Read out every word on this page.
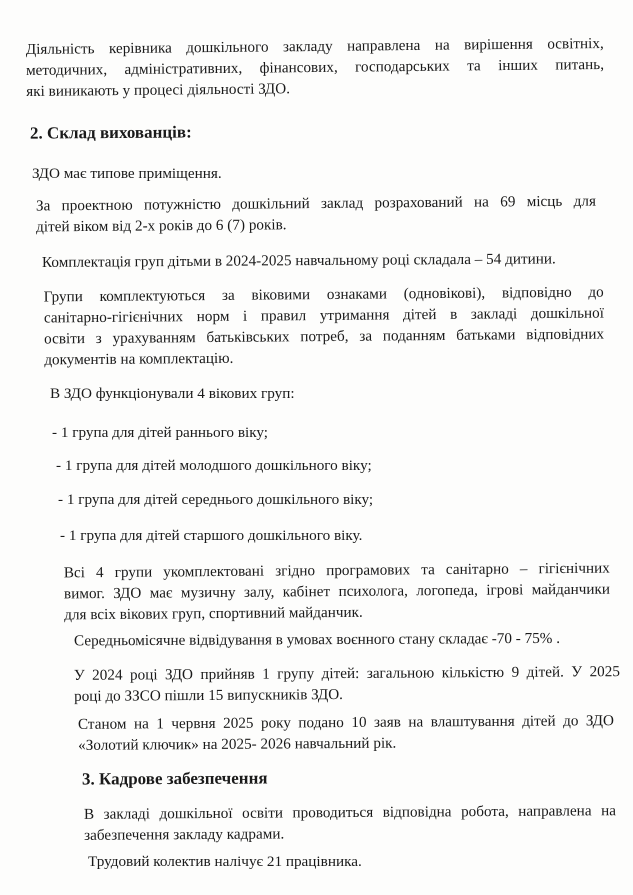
Діяльність керівника дошкільного закладу направлена на вирішення освітніх,
методичних, адміністративних, фінансових, господарських та інших питань,
які виникають у процесі діяльності ЗДО.
2. Склад вихованців:
ЗДО має типове приміщення.
За проектною потужністю дошкільний заклад розрахований на 69 місць для
дітей віком від 2-х років до 6 (7) років.
Комплектація груп дітьми в 2024-2025 навчальному році складала – 54 дитини.
Групи комплектуються за віковими ознаками (одновікові), відповідно до
санітарно-гігієнічних норм і правил утримання дітей в закладі дошкільної
освіти з урахуванням батьківських потреб, за поданням батьками відповідних
документів на комплектацію.
В ЗДО функціонували 4 вікових груп:
- 1 група для дітей раннього віку;
- 1 група для дітей молодшого дошкільного віку;
- 1 група для дітей середнього дошкільного віку;
- 1 група для дітей старшого дошкільного віку.
Всі 4 групи укомплектовані згідно програмових та санітарно – гігієнічних
вимог. ЗДО має музичну залу, кабінет психолога, логопеда, ігрові майданчики
для всіх вікових груп, спортивний майданчик.
Середньомісячне відвідування в умовах воєнного стану складає -70 - 75% .
У 2024 році ЗДО прийняв 1 групу дітей: загальною кількістю 9 дітей. У 2025
році до ЗЗСО пішли 15 випускників ЗДО.
Станом на 1 червня 2025 року подано 10 заяв на влаштування дітей до ЗДО
«Золотий ключик» на 2025- 2026 навчальний рік.
3. Кадрове забезпечення
В закладі дошкільної освіти проводиться відповідна робота, направлена на
забезпечення закладу кадрами.
Трудовий колектив налічує 21 працівника.
